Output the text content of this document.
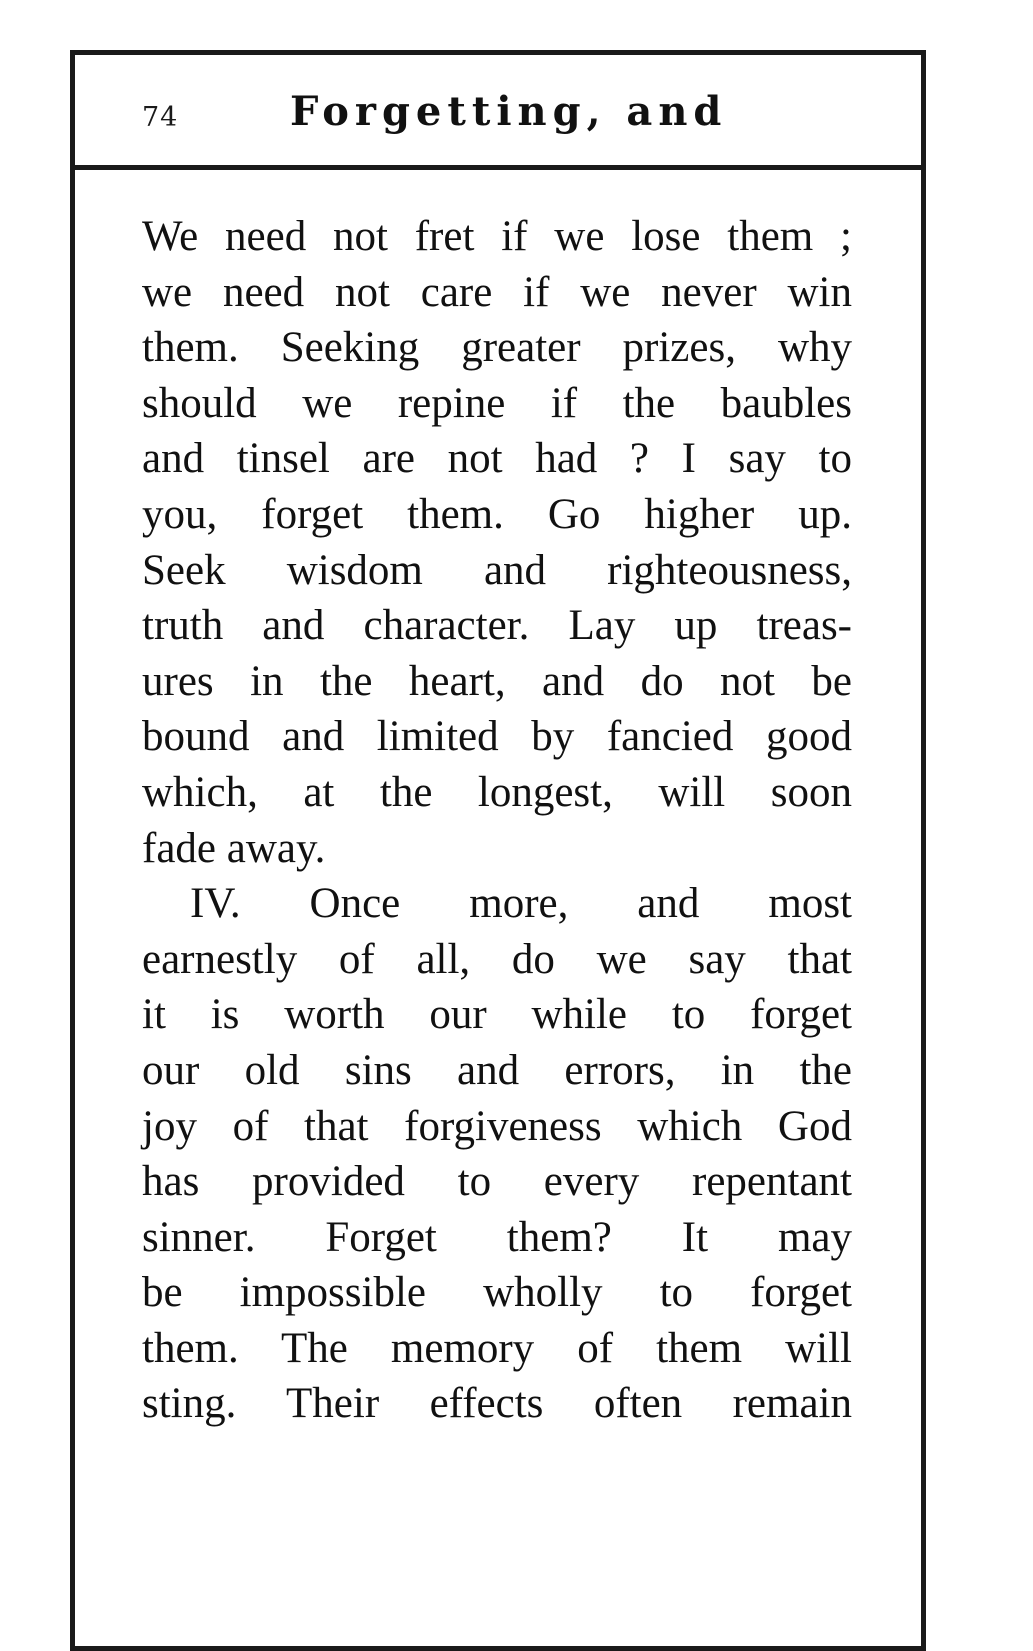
74	Forgetting, and
We need not fret if we lose them ;
we need not care if we never win
them. Seeking greater prizes, why
should we repine if the baubles
and tinsel are not had ? I say to
you, forget them. Go higher up.
Seek wisdom and righteousness,
truth and character. Lay up treas-
ures in the heart, and do not be
bound and limited by fancied good
which, at the longest, will soon
fade away.
IV. Once more, and most
earnestly of all, do we say that
it is worth our while to forget
our old sins and errors, in the
joy of that forgiveness which God
has provided to every repentant
sinner. Forget them? It may
be impossible wholly to forget
them. The memory of them will
sting. Their effects often remain
